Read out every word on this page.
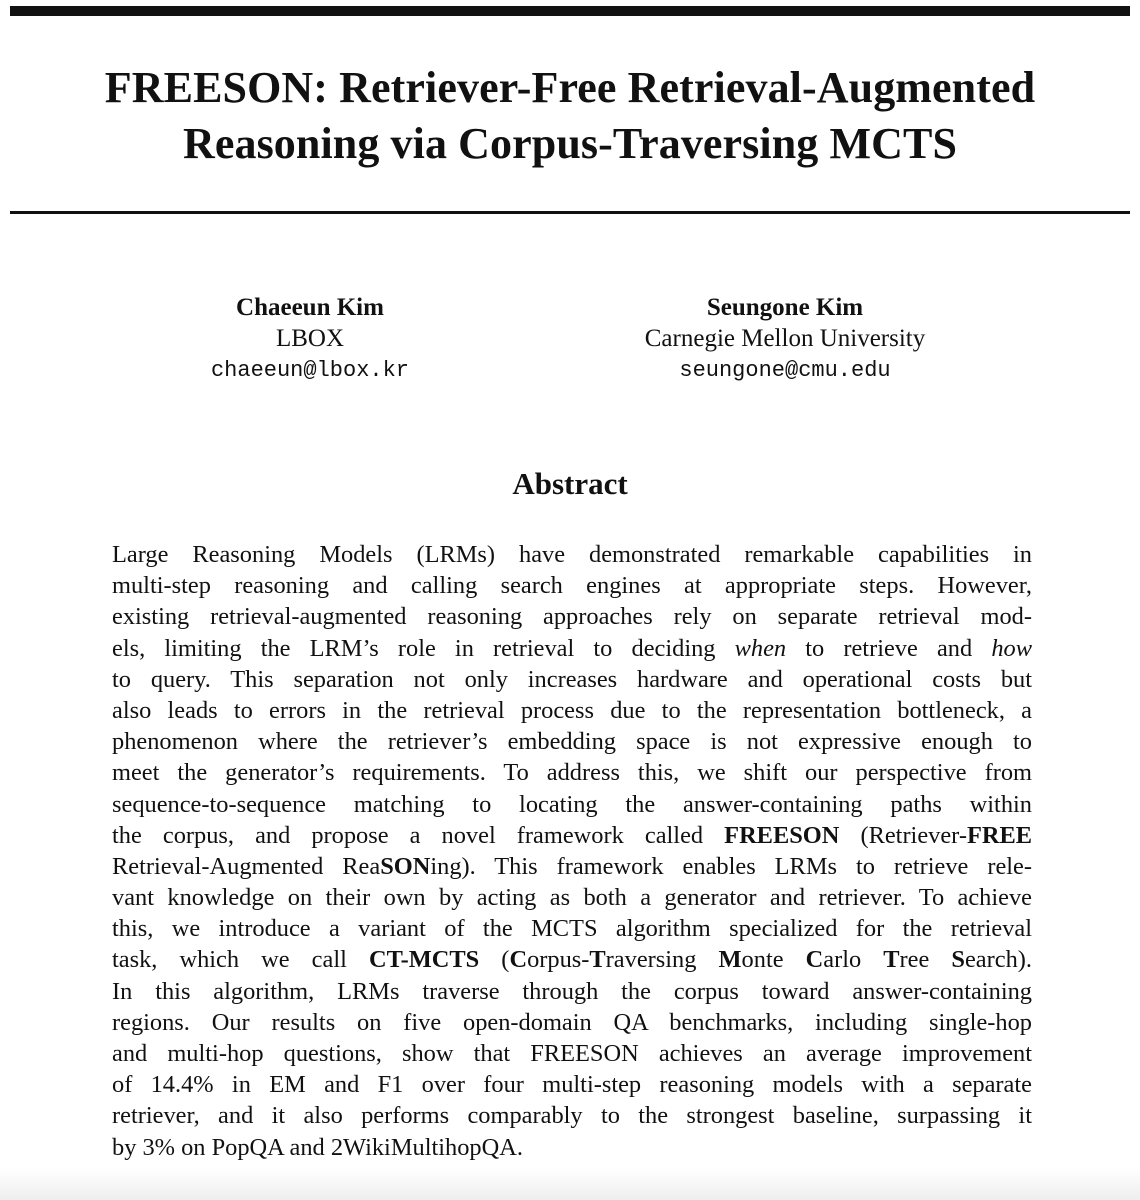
FREESON: Retriever-Free Retrieval-Augmented
Reasoning via Corpus-Traversing MCTS
Chaeeun Kim
LBOX
chaeeun@lbox.kr
Seungone Kim
Carnegie Mellon University
seungone@cmu.edu
Abstract
Large Reasoning Models (LRMs) have demonstrated remarkable capabilities in
multi-step reasoning and calling search engines at appropriate steps. However,
existing retrieval-augmented reasoning approaches rely on separate retrieval mod-
els, limiting the LRM’s role in retrieval to deciding when to retrieve and how
to query. This separation not only increases hardware and operational costs but
also leads to errors in the retrieval process due to the representation bottleneck, a
phenomenon where the retriever’s embedding space is not expressive enough to
meet the generator’s requirements. To address this, we shift our perspective from
sequence-to-sequence matching to locating the answer-containing paths within
the corpus, and propose a novel framework called FREESON (Retriever-FREE
Retrieval-Augmented ReaSONing). This framework enables LRMs to retrieve rele-
vant knowledge on their own by acting as both a generator and retriever. To achieve
this, we introduce a variant of the MCTS algorithm specialized for the retrieval
task, which we call CT-MCTS (Corpus-Traversing Monte Carlo Tree Search).
In this algorithm, LRMs traverse through the corpus toward answer-containing
regions. Our results on five open-domain QA benchmarks, including single-hop
and multi-hop questions, show that FREESON achieves an average improvement
of 14.4% in EM and F1 over four multi-step reasoning models with a separate
retriever, and it also performs comparably to the strongest baseline, surpassing it
by 3% on PopQA and 2WikiMultihopQA.
